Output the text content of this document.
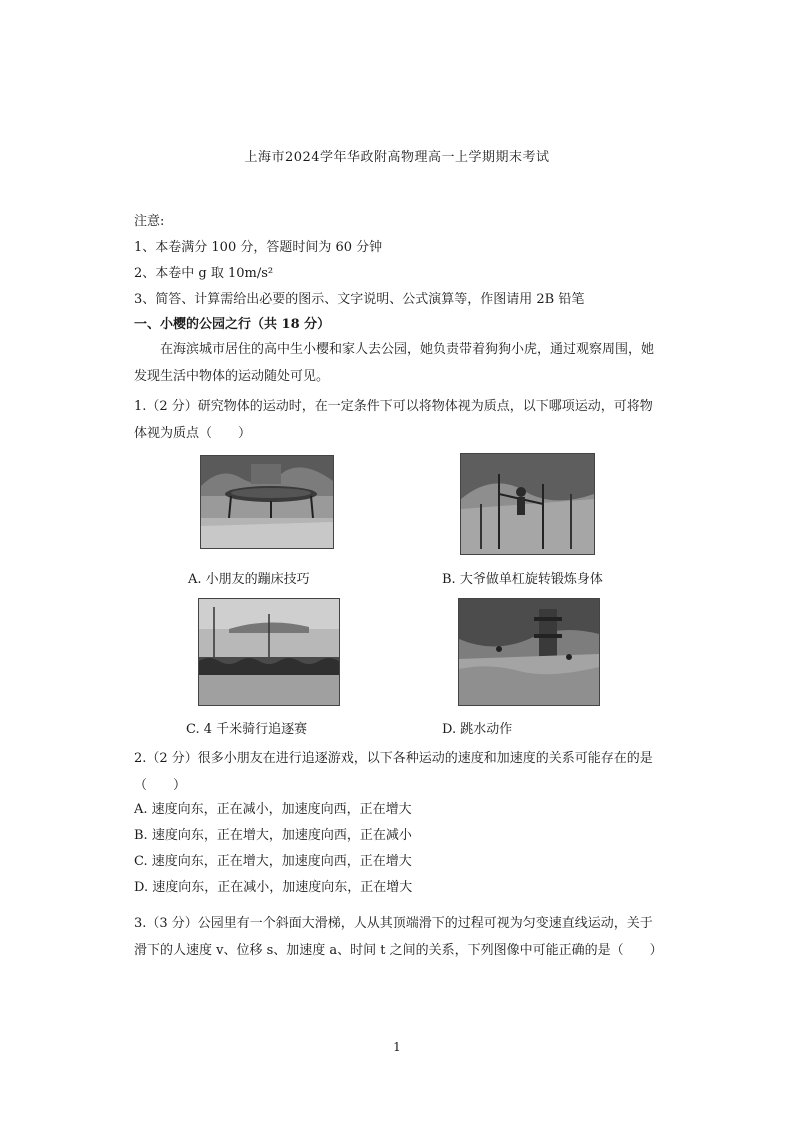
上海市2024学年华政附高物理高一上学期期末考试
注意:
1、本卷满分 100 分，答题时间为 60 分钟
2、本卷中 g 取 10m/s²
3、简答、计算需给出必要的图示、文字说明、公式演算等，作图请用 2B 铅笔
一、小樱的公园之行（共 18 分）
在海滨城市居住的高中生小樱和家人去公园，她负责带着狗狗小虎，通过观察周围，她发现生活中物体的运动随处可见。
1.（2 分）研究物体的运动时，在一定条件下可以将物体视为质点，以下哪项运动，可将物体视为质点（　　）
A. 小朋友的蹦床技巧	B. 大爷做单杠旋转锻炼身体
C. 4 千米骑行追逐赛	D. 跳水动作
2.（2 分）很多小朋友在进行追逐游戏，以下各种运动的速度和加速度的关系可能存在的是（　　）
A. 速度向东，正在减小，加速度向西，正在增大
B. 速度向东，正在增大，加速度向西，正在减小
C. 速度向东，正在增大，加速度向西，正在增大
D. 速度向东，正在减小，加速度向东，正在增大
3.（3 分）公园里有一个斜面大滑梯，人从其顶端滑下的过程可视为匀变速直线运动，关于滑下的人速度 v、位移 s、加速度 a、时间 t 之间的关系，下列图像中可能正确的是（　　）
1
